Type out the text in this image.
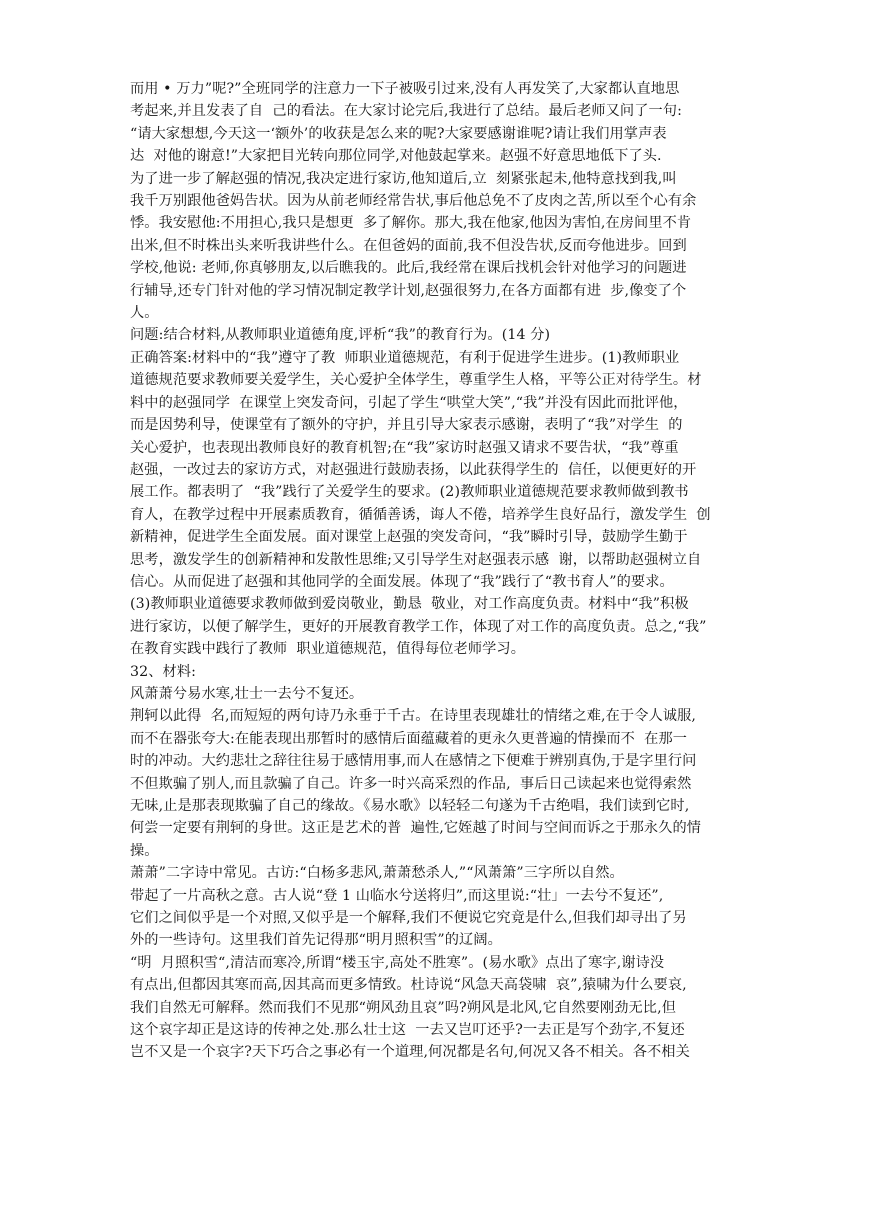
而用 • 万力”呢?”全班同学的注意力一下子被吸引过来,没有人再发笑了,大家都认直地思
考起来,并且发表了自  己的看法。在大家讨论完后,我进行了总结。最后老师又问了一句:
“请大家想想,今天这一‘额外’的收获是怎么来的呢?大家要感谢谁呢?请让我们用掌声表
达  对他的谢意!”大家把目光转向那位同学,对他鼓起掌来。赵强不好意思地低下了头.
为了进一步了解赵强的情况,我决定进行家访,他知道后,立  刻紧张起未,他特意找到我,叫
我千万别跟他爸妈告状。因为从前老师经常告状,事后他总免不了皮肉之苦,所以至个心有余
悸。我安慰他:不用担心,我只是想更  多了解你。那大,我在他家,他因为害怕,在房间里不肯
出米,但不时株出头来听我讲些什么。在但爸妈的面前,我不但没告状,反而夸他进步。回到
学校,他说: 老师,你真够朋友,以后瞧我的。此后,我经常在课后找机会针对他学习的问题进
行辅导,还专门针对他的学习情况制定教学计划,赵强很努力,在各方面都有进  步,像变了个
人。
问题:结合材料,从教师职业道德角度,评析“我”的教育行为。(14 分)
正确答案:材料中的“我”遵守了教  师职业道德规范，有利于促进学生进步。(1)教师职业
道德规范要求教师要关爱学生，关心爱护全体学生，尊重学生人格，平等公正对待学生。材
料中的赵强同学  在课堂上突发奇问，引起了学生“哄堂大笑”,“我”并没有因此而批评他，
而是因势利导，使课堂有了额外的守护，并且引导大家表示感谢，表明了“我”对学生  的
关心爱护，也表现出教师良好的教育机智;在“我”家访时赵强又请求不要告状，“我”尊重
赵强，一改过去的家访方式，对赵强进行鼓励表扬，以此获得学生的  信任，以便更好的开
展工作。都表明了  “我”践行了关爱学生的要求。(2)教师职业道德规范要求教师做到教书
育人，在教学过程中开展素质教育，循循善诱，诲人不倦，培养学生良好品行，激发学生  创
新精神，促进学生全面发展。面对课堂上赵强的突发奇问，“我”瞬时引导，鼓励学生勤于
思考，激发学生的创新精神和发散性思维;又引导学生对赵强表示感  谢，以帮助赵强树立自
信心。从而促进了赵强和其他同学的全面发展。体现了“我”践行了“教书育人”的要求。
(3)教师职业道德要求教师做到爱岗敬业，勤恳  敬业，对工作高度负责。材料中“我”积极
进行家访，以便了解学生，更好的开展教育教学工作，体现了对工作的高度负责。总之,“我”
在教育实践中践行了教师  职业道德规范，值得每位老师学习。
32、材料:
风萧萧兮易水寒,壮士一去兮不复还。
荆轲以此得  名,而短短的两句诗乃永垂于千古。在诗里表现雄壮的情绪之难,在于令人诚服,
而不在器张夸大:在能表现出那暂时的感情后面蕴藏着的更永久更普遍的情操而不  在那一
时的冲动。大约悲壮之辞往往易于感情用事,而人在感情之下便难于辨别真伪,于是字里行问
不但欺骗了别人,而且款骗了自己。许多一时兴高采烈的作品,  事后日己读起来也觉得索然
无味,止是那表现欺骗了自己的缘故。《易水歌》以轻轻二句遂为千古绝唱，我们读到它时,
何尝一定要有荆轲的身世。这正是艺术的普  遍性,它姪越了时间与空间而诉之于那永久的情
操。
萧萧”二字诗中常见。古访:“白杨多悲风,萧萧愁杀人,”“风萧箫”三字所以自然。
带起了一片高秋之意。古人说“登 1 山临水兮送将归”,而这里说:“壮」一去兮不复还”,
它们之间似乎是一个对照,又似乎是一个解释,我们不便说它究竟是什么,但我们却寻出了另
外的一些诗句。这里我们首先记得那“明月照积雪”的辽阔。
“明  月照积雪“,清洁而寒冷,所谓“楼玉宇,高处不胜寒”。(易水歌》点出了寒字,谢诗没
有点出,但都因其寒而高,因其高而更多情致。杜诗说“风急天高袋啸  哀”,猿啸为什么要哀,
我们自然无可解释。然而我们不见那“朔风劲且哀”吗?朔风是北风,它自然要刚劲无比,但
这个哀字却正是这诗的传神之处.那么壮士这  一去又岂叮还乎?一去正是写个劲字,不复还
岂不又是一个哀字?天下巧合之事必有一个道理,何况都是名句,何况又各不相关。各不相关
